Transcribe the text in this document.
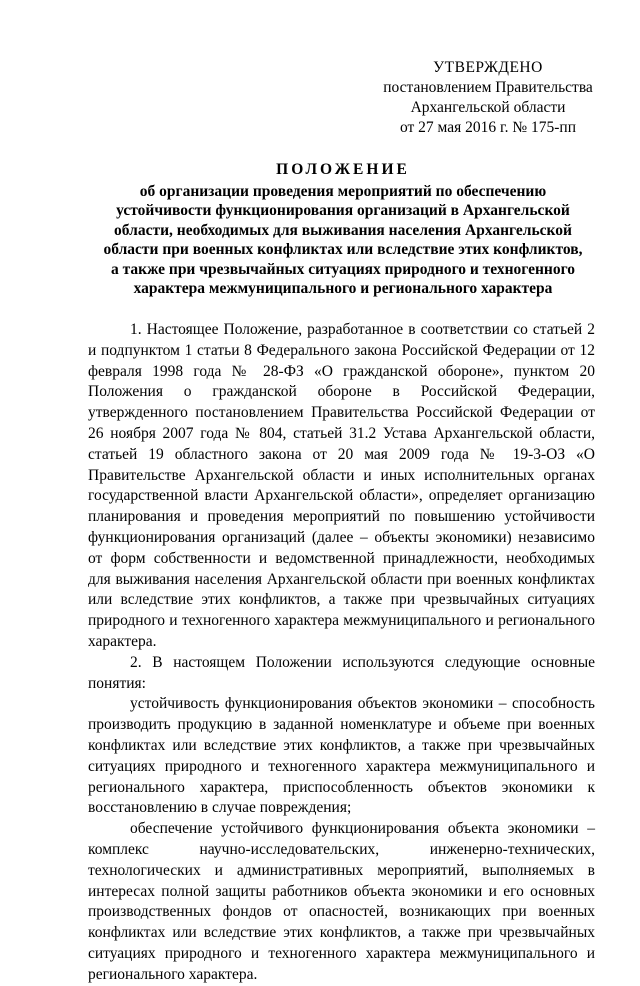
УТВЕРЖДЕНО
постановлением Правительства
Архангельской области
от 27 мая 2016 г. № 175-пп
ПОЛОЖЕНИЕ
об организации проведения мероприятий по обеспечению
устойчивости функционирования организаций в Архангельской
области, необходимых для выживания населения Архангельской
области при военных конфликтах или вследствие этих конфликтов,
а также при чрезвычайных ситуациях природного и техногенного
характера межмуниципального и регионального характера

1. Настоящее Положение, разработанное в соответствии со статьей 2 и подпунктом 1 статьи 8 Федерального закона Российской Федерации от 12 февраля 1998 года № 28-ФЗ «О гражданской обороне», пунктом 20 Положения о гражданской обороне в Российской Федерации, утвержденного постановлением Правительства Российской Федерации от 26 ноября 2007 года № 804, статьей 31.2 Устава Архангельской области, статьей 19 областного закона от 20 мая 2009 года № 19-3-ОЗ «О Правительстве Архангельской области и иных исполнительных органах государственной власти Архангельской области», определяет организацию планирования и проведения мероприятий по повышению устойчивости функционирования организаций (далее – объекты экономики) независимо от форм собственности и ведомственной принадлежности, необходимых для выживания населения Архангельской области при военных конфликтах или вследствие этих конфликтов, а также при чрезвычайных ситуациях природного и техногенного характера межмуниципального и регионального характера.

2. В настоящем Положении используются следующие основные понятия:

устойчивость функционирования объектов экономики – способность производить продукцию в заданной номенклатуре и объеме при военных конфликтах или вследствие этих конфликтов, а также при чрезвычайных ситуациях природного и техногенного характера межмуниципального и регионального характера, приспособленность объектов экономики к восстановлению в случае повреждения;

обеспечение устойчивого функционирования объекта экономики – комплекс научно-исследовательских, инженерно-технических, технологических и административных мероприятий, выполняемых в интересах полной защиты работников объекта экономики и его основных производственных фондов от опасностей, возникающих при военных конфликтах или вследствие этих конфликтов, а также при чрезвычайных ситуациях природного и техногенного характера межмуниципального и регионального характера.
